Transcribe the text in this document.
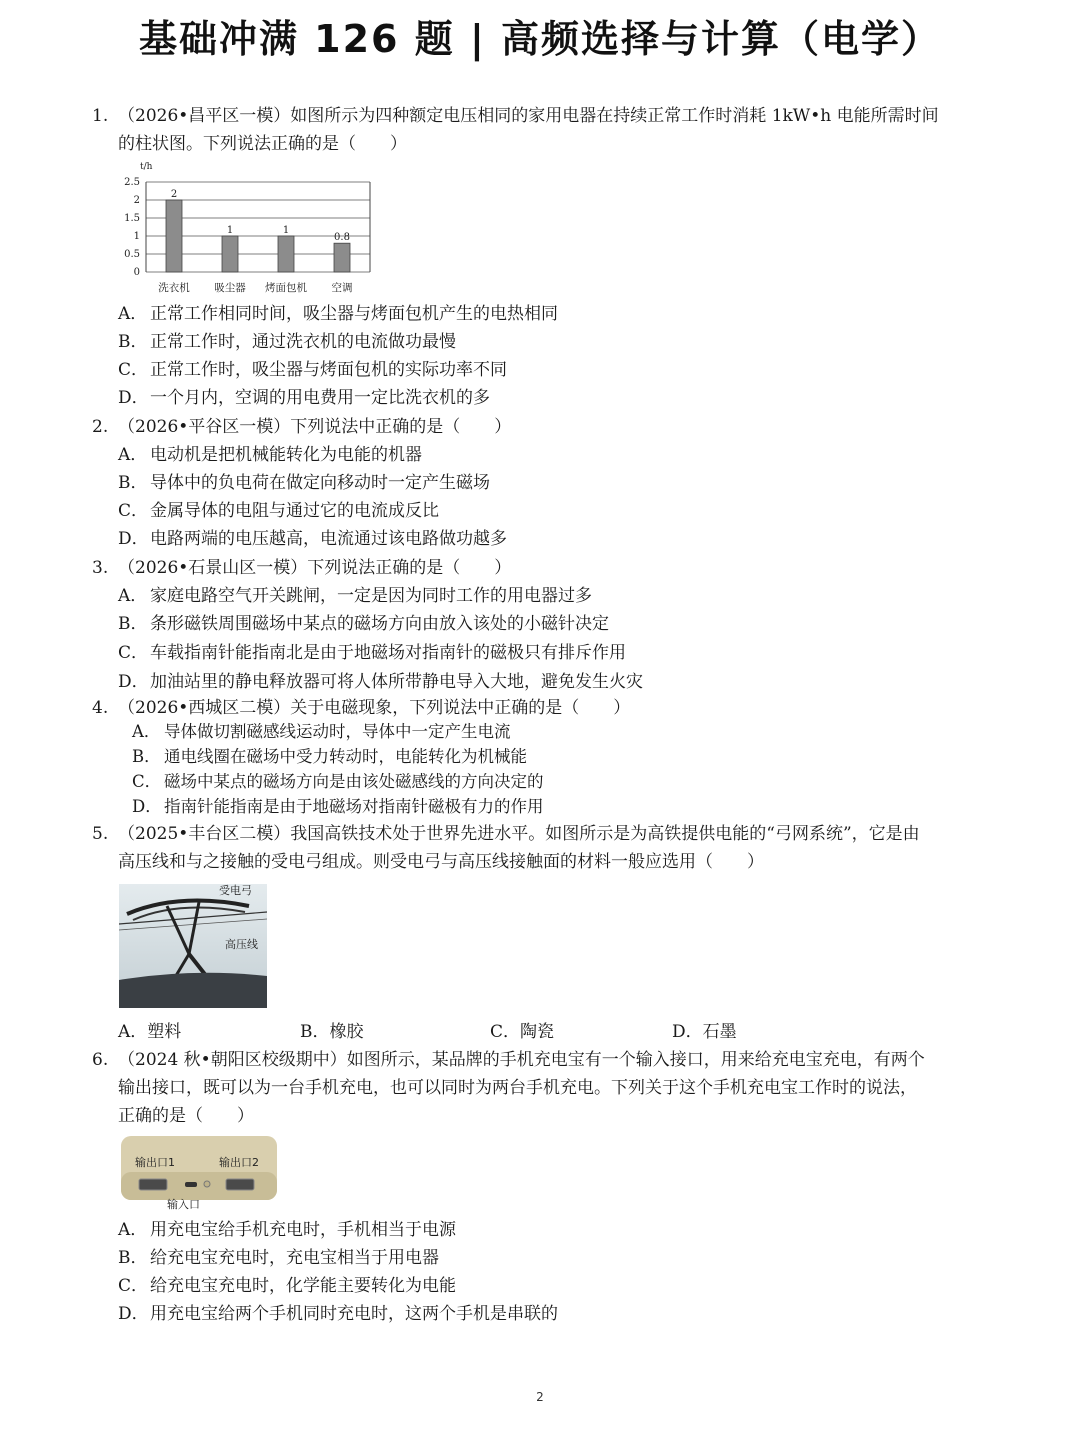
基础冲满 126 题 | 高频选择与计算（电学）
1. （2026•昌平区一模）如图所示为四种额定电压相同的家用电器在持续正常工作时消耗 1kW•h 电能所需时间
的柱状图。下列说法正确的是（　　）
t/h
0
0.5
1
1.5
2
2.5
2
1	1
0.8
洗衣机 吸尘器 烤面包机 空调
A． 正常工作相同时间，吸尘器与烤面包机产生的电热相同
B． 正常工作时，通过洗衣机的电流做功最慢
C． 正常工作时，吸尘器与烤面包机的实际功率不同
D．一个月内，空调的用电费用一定比洗衣机的多
2. （2026•平谷区一模）下列说法中正确的是（　　）
A． 电动机是把机械能转化为电能的机器
B． 导体中的负电荷在做定向移动时一定产生磁场
C． 金属导体的电阻与通过它的电流成反比
D．电路两端的电压越高，电流通过该电路做功越多
3. （2026•石景山区一模）下列说法正确的是（　　）
A． 家庭电路空气开关跳闸，一定是因为同时工作的用电器过多
B． 条形磁铁周围磁场中某点的磁场方向由放入该处的小磁针决定
C． 车载指南针能指南北是由于地磁场对指南针的磁极只有排斥作用
D．加油站里的静电释放器可将人体所带静电导入大地，避免发生火灾
4. （2026•西城区二模）关于电磁现象，下列说法中正确的是（　　）
A． 导体做切割磁感线运动时，导体中一定产生电流
B． 通电线圈在磁场中受力转动时，电能转化为机械能
C． 磁场中某点的磁场方向是由该处磁感线的方向决定的
D． 指南针能指南是由于地磁场对指南针磁极有力的作用
5. （2025•丰台区二模）我国高铁技术处于世界先进水平。如图所示是为高铁提供电能的“弓网系统”，它是由
高压线和与之接触的受电弓组成。则受电弓与高压线接触面的材料一般应选用（　　）
受电弓
高压线
A．塑料	B．橡胶	C．陶瓷	D．石墨
6. （2024 秋•朝阳区校级期中）如图所示，某品牌的手机充电宝有一个输入接口，用来给充电宝充电，有两个
输出接口，既可以为一台手机充电，也可以同时为两台手机充电。下列关于这个手机充电宝工作时的说法，
正确的是（　　）
输出口1	输出口2
输入口
A． 用充电宝给手机充电时，手机相当于电源
B． 给充电宝充电时，充电宝相当于用电器
C． 给充电宝充电时，化学能主要转化为电能
D．用充电宝给两个手机同时充电时，这两个手机是串联的
2
